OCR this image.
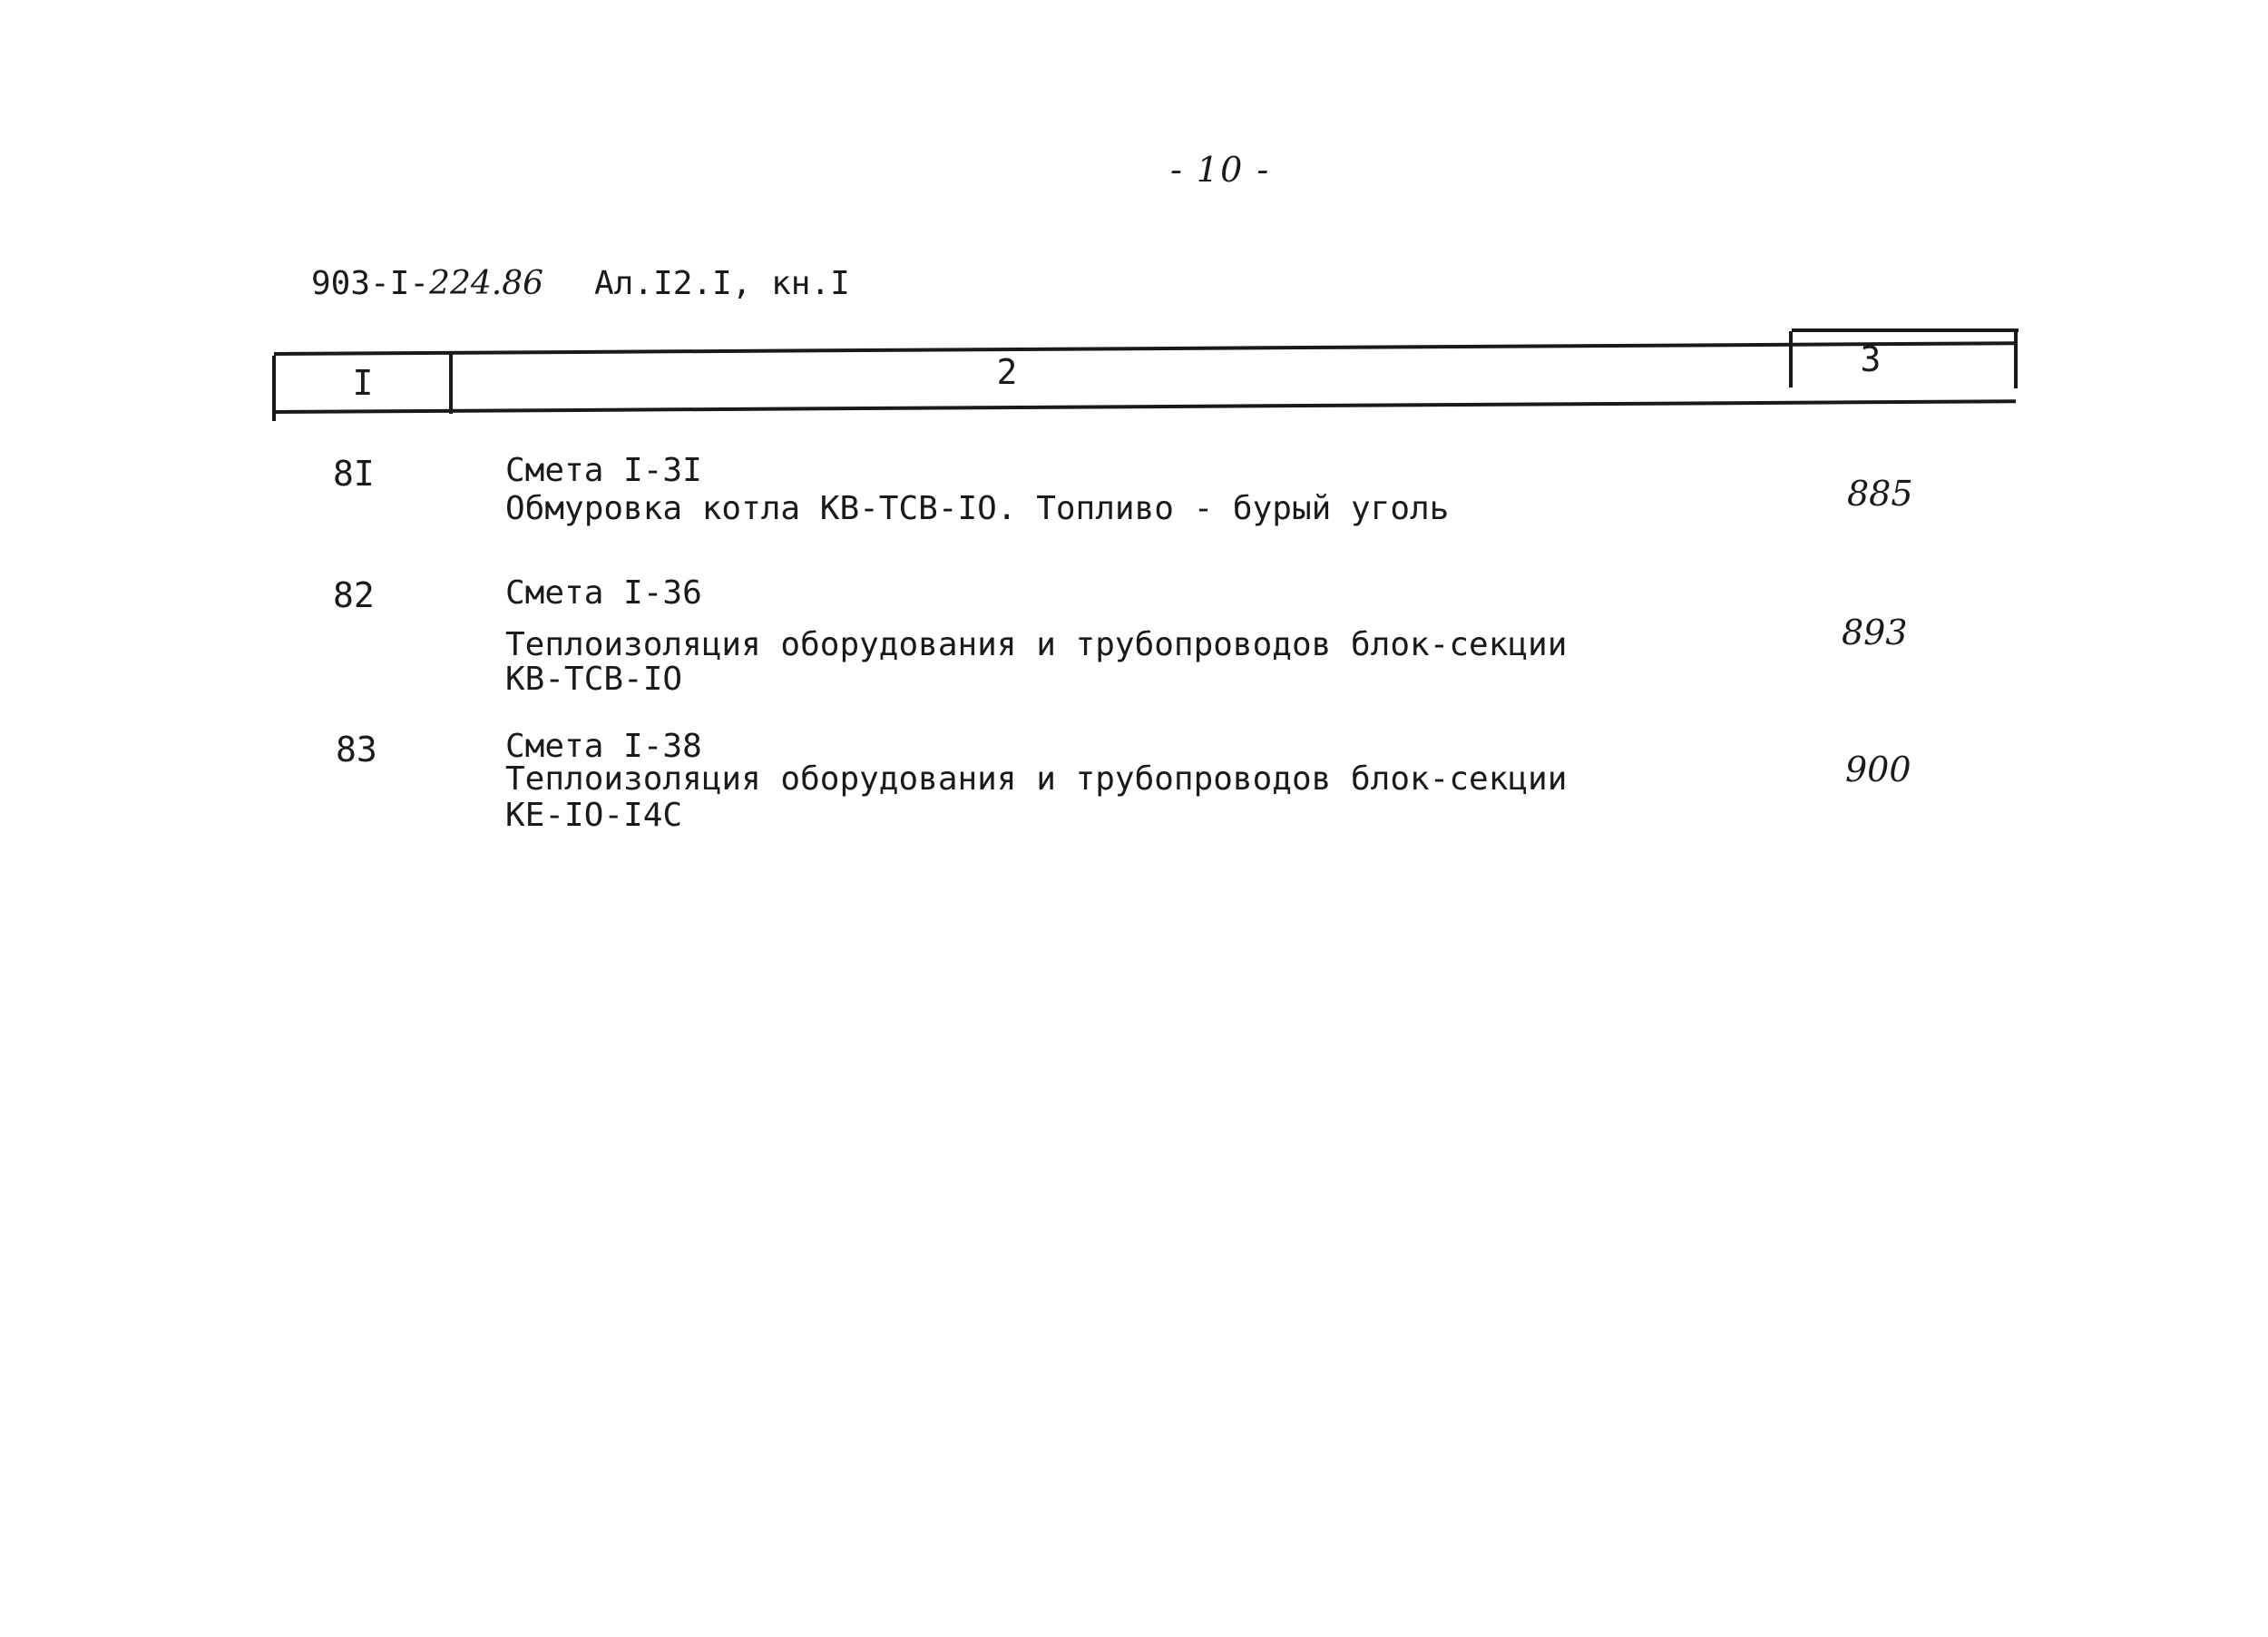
- 10 -
903-I-224.86 Ал.I2.I, кн.I
I	2	3
8I	Смета I-3I
Обмуровка котла КВ-ТСВ-IО. Топливо - бурый уголь	885
82	Смета I-36
Теплоизоляция оборудования и трубопроводов блок-секции
КВ-ТСВ-IО
893
83	Смета I-38
Теплоизоляция оборудования и трубопроводов блок-секции
КЕ-IО-I4С
900
